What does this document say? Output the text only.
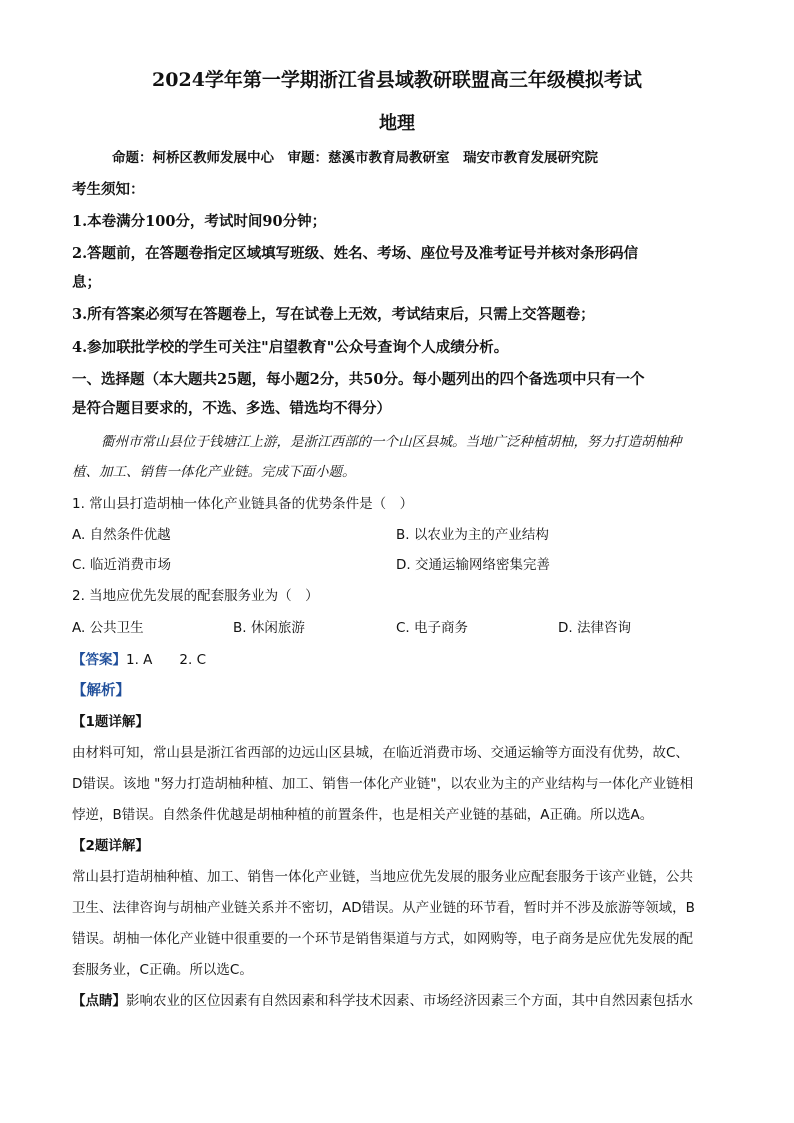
2024学年第一学期浙江省县域教研联盟高三年级模拟考试
地理
命题：柯桥区教师发展中心　审题：慈溪市教育局教研室　瑞安市教育发展研究院
考生须知：
1.本卷满分100分，考试时间90分钟；
2.答题前，在答题卷指定区域填写班级、姓名、考场、座位号及准考证号并核对条形码信
息；
3.所有答案必须写在答题卷上，写在试卷上无效，考试结束后，只需上交答题卷；
4.参加联批学校的学生可关注"启望教育"公众号查询个人成绩分析。
一、选择题（本大题共25题，每小题2分，共50分。每小题列出的四个备选项中只有一个
是符合题目要求的，不选、多选、错选均不得分）
衢州市常山县位于钱塘江上游，是浙江西部的一个山区县城。当地广泛种植胡柚，努力打造胡柚种
植、加工、销售一体化产业链。完成下面小题。
1. 常山县打造胡柚一体化产业链具备的优势条件是（　）
A. 自然条件优越	B. 以农业为主的产业结构
C. 临近消费市场	D. 交通运输网络密集完善
2. 当地应优先发展的配套服务业为（　）
A. 公共卫生	B. 休闲旅游	C. 电子商务	D. 法律咨询
【答案】1. A　　2. C
【解析】
【1题详解】
由材料可知，常山县是浙江省西部的边远山区县城，在临近消费市场、交通运输等方面没有优势，故C、
D错误。该地 "努力打造胡柚种植、加工、销售一体化产业链"，以农业为主的产业结构与一体化产业链相
悖逆，B错误。自然条件优越是胡柚种植的前置条件，也是相关产业链的基础，A正确。所以选A。
【2题详解】
常山县打造胡柚种植、加工、销售一体化产业链，当地应优先发展的服务业应配套服务于该产业链，公共
卫生、法律咨询与胡柚产业链关系并不密切，AD错误。从产业链的环节看，暂时并不涉及旅游等领域，B
错误。胡柚一体化产业链中很重要的一个环节是销售渠道与方式，如网购等，电子商务是应优先发展的配
套服务业，C正确。所以选C。
【点睛】影响农业的区位因素有自然因素和科学技术因素、市场经济因素三个方面，其中自然因素包括水
